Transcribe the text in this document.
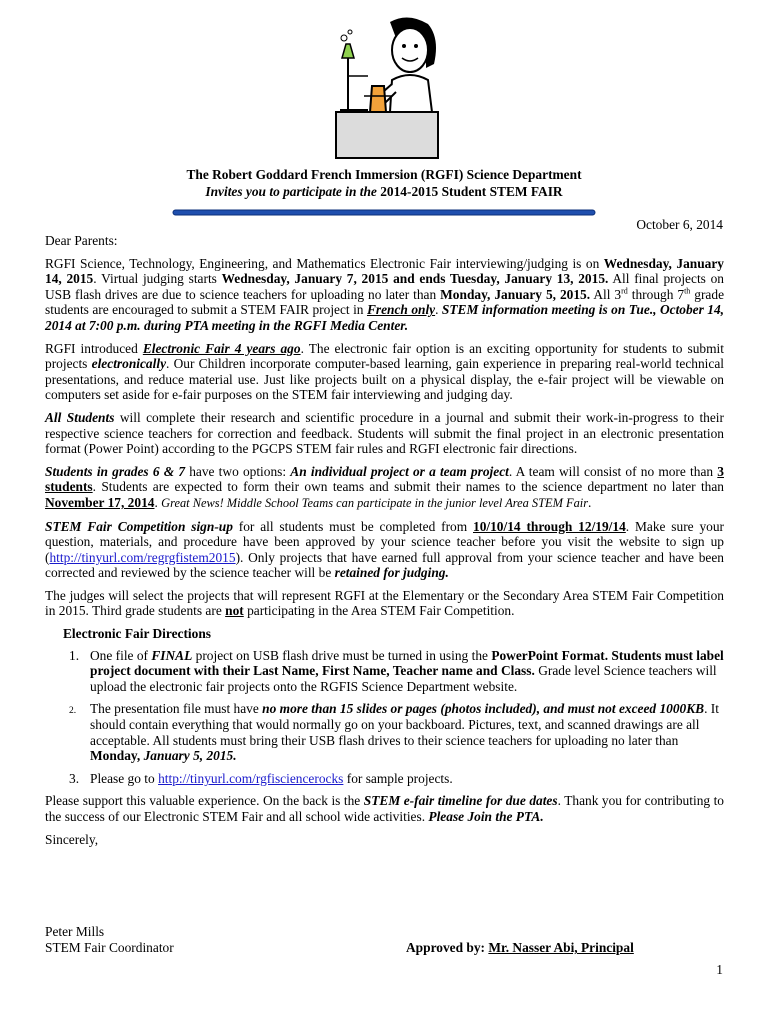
The Robert Goddard French Immersion (RGFI) Science Department
Invites you to participate in the 2014-2015 Student STEM FAIR
October 6, 2014

Dear Parents:

RGFI Science, Technology, Engineering, and Mathematics Electronic Fair interviewing/judging is on Wednesday, January 14, 2015. Virtual judging starts Wednesday, January 7, 2015 and ends Tuesday, January 13, 2015. All final projects on USB flash drives are due to science teachers for uploading no later than Monday, January 5, 2015. All 3rd through 7th grade students are encouraged to submit a STEM FAIR project in French only. STEM information meeting is on Tue., October 14, 2014 at 7:00 p.m. during PTA meeting in the RGFI Media Center.

RGFI introduced Electronic Fair 4 years ago. The electronic fair option is an exciting opportunity for students to submit projects electronically. Our Children incorporate computer-based learning, gain experience in preparing real-world technical presentations, and reduce material use. Just like projects built on a physical display, the e-fair project will be viewable on computers set aside for e-fair purposes on the STEM fair interviewing and judging day.

All Students will complete their research and scientific procedure in a journal and submit their work-in-progress to their respective science teachers for correction and feedback. Students will submit the final project in an electronic presentation format (Power Point) according to the PGCPS STEM fair rules and RGFI electronic fair directions.

Students in grades 6 & 7 have two options: An individual project or a team project. A team will consist of no more than 3 students. Students are expected to form their own teams and submit their names to the science department no later than November 17, 2014. Great News! Middle School Teams can participate in the junior level Area STEM Fair.

STEM Fair Competition sign-up for all students must be completed from 10/10/14 through 12/19/14. Make sure your question, materials, and procedure have been approved by your science teacher before you visit the website to sign up (http://tinyurl.com/regrgfistem2015). Only projects that have earned full approval from your science teacher and have been corrected and reviewed by the science teacher will be retained for judging.

The judges will select the projects that will represent RGFI at the Elementary or the Secondary Area STEM Fair Competition in 2015. Third grade students are not participating in the Area STEM Fair Competition.

Electronic Fair Directions
1. One file of FINAL project on USB flash drive must be turned in using the PowerPoint Format. Students must label project document with their Last Name, First Name, Teacher name and Class. Grade level Science teachers will upload the electronic fair projects onto the RGFIS Science Department website.
2. The presentation file must have no more than 15 slides or pages (photos included), and must not exceed 1000KB. It should contain everything that would normally go on your backboard. Pictures, text, and scanned drawings are all acceptable. All students must bring their USB flash drives to their science teachers for uploading no later than Monday, January 5, 2015.
3. Please go to http://tinyurl.com/rgfisciencerocks for sample projects.

Please support this valuable experience. On the back is the STEM e-fair timeline for due dates. Thank you for contributing to the success of our Electronic STEM Fair and all school wide activities. Please Join the PTA.

Sincerely,

Peter Mills
STEM Fair Coordinator	Approved by: Mr. Nasser Abi, Principal
1
